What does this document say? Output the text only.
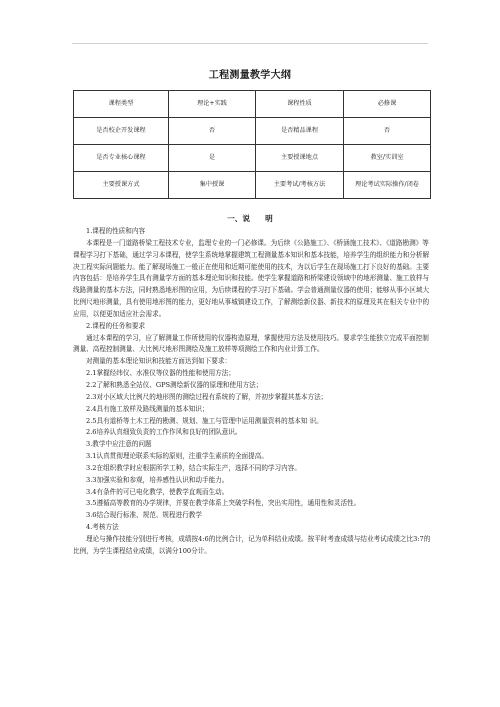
工程测量教学大纲
课程类型	理论+实践	课程性质	必修课
是否校企开发课程	否	是否精品课程	否
是否专业核心课程	是	主要授课地点	教室/实训室
主要授课方式	集中授课	主要考试/考核方法	理论考试实际操作/闭卷
一、说　　明

1.课程的性质和内容

本课程是一门道路桥梁工程技术专业，监理专业的一门必修课。为后续《公路施工》、《桥涵施工技术》、《道路勘测》等课程学习打下基础，通过学习本课程，使学生系统地掌握建筑工程测量基本知识和基本技能，培养学生的组织能力和分析解决工程实际问题能力。能了解现场施工一般正在使用和近期可能使用的技术，为以后学生在现场施工打下良好的基础。主要内容包括：是培养学生具有测量学方面的基本理论知识和技能。使学生掌握道路和桥梁建设领域中的地形测量、施工放样与线路测量的基本方法，同时熟悉地形图的应用，为后续课程的学习打下基础。学会普通测量仪器的使用；能够从事小区域大比例尺地形测量，具有使用地形图的能力，更好地从事城镇建设工作，了解测绘新仪器、新技术的原理及其在相关专业中的应用，以便更加适应社会需求。

2.课程的任务和要求

通过本课程的学习，应了解测量工作所使用的仪器构造原理，掌握使用方法及使用技巧。要求学生能独立完成平面控制测量、高程控制测量、大比例尺地形图测绘及施工放样等项测绘工作和内业计算工作。

对测量的基本理论知识和技能方面达到如下要求：

2.1掌握经纬仪、水准仪等仪器的性能和使用方法；

2.2了解和熟悉全站仪、GPS测绘新仪器的原理和使用方法；

2.3对小区域大比例尺的地形图的测绘过程有系统的了解，并初步掌握其基本方法；

2.4具有施工放样及路线测量的基本知识；

2.5具有道桥等土木工程的勘测、规划、施工与管理中运用测量资料的基本知 识。

2.6培养认真细致负责的工作作风和良好的团队意识。

3.教学中应注意的问题

3.1认真贯彻理论联系实际的原则，注重学生素质的全面提高。

3.2在组织教学时应根据所学工种，结合实际生产，选择不同的学习内容。

3.3加强实验和参观，培养感性认识和动手能力。

3.4有条件的可已电化教学，使教学直观而生动。

3.5遵循高等教育的办学规律，并要在教学体系上突破学科性，突出实用性，通用性和灵活性。

3.6结合现行标准、规范、规程进行教学

4.考核方法

理论与操作技能分别进行考核，成绩按4:6的比例合计，记为单科结业成绩。按平时考查成绩与结业考试成绩之比3:7的比例，为学生课程结业成绩，以满分100分计。
